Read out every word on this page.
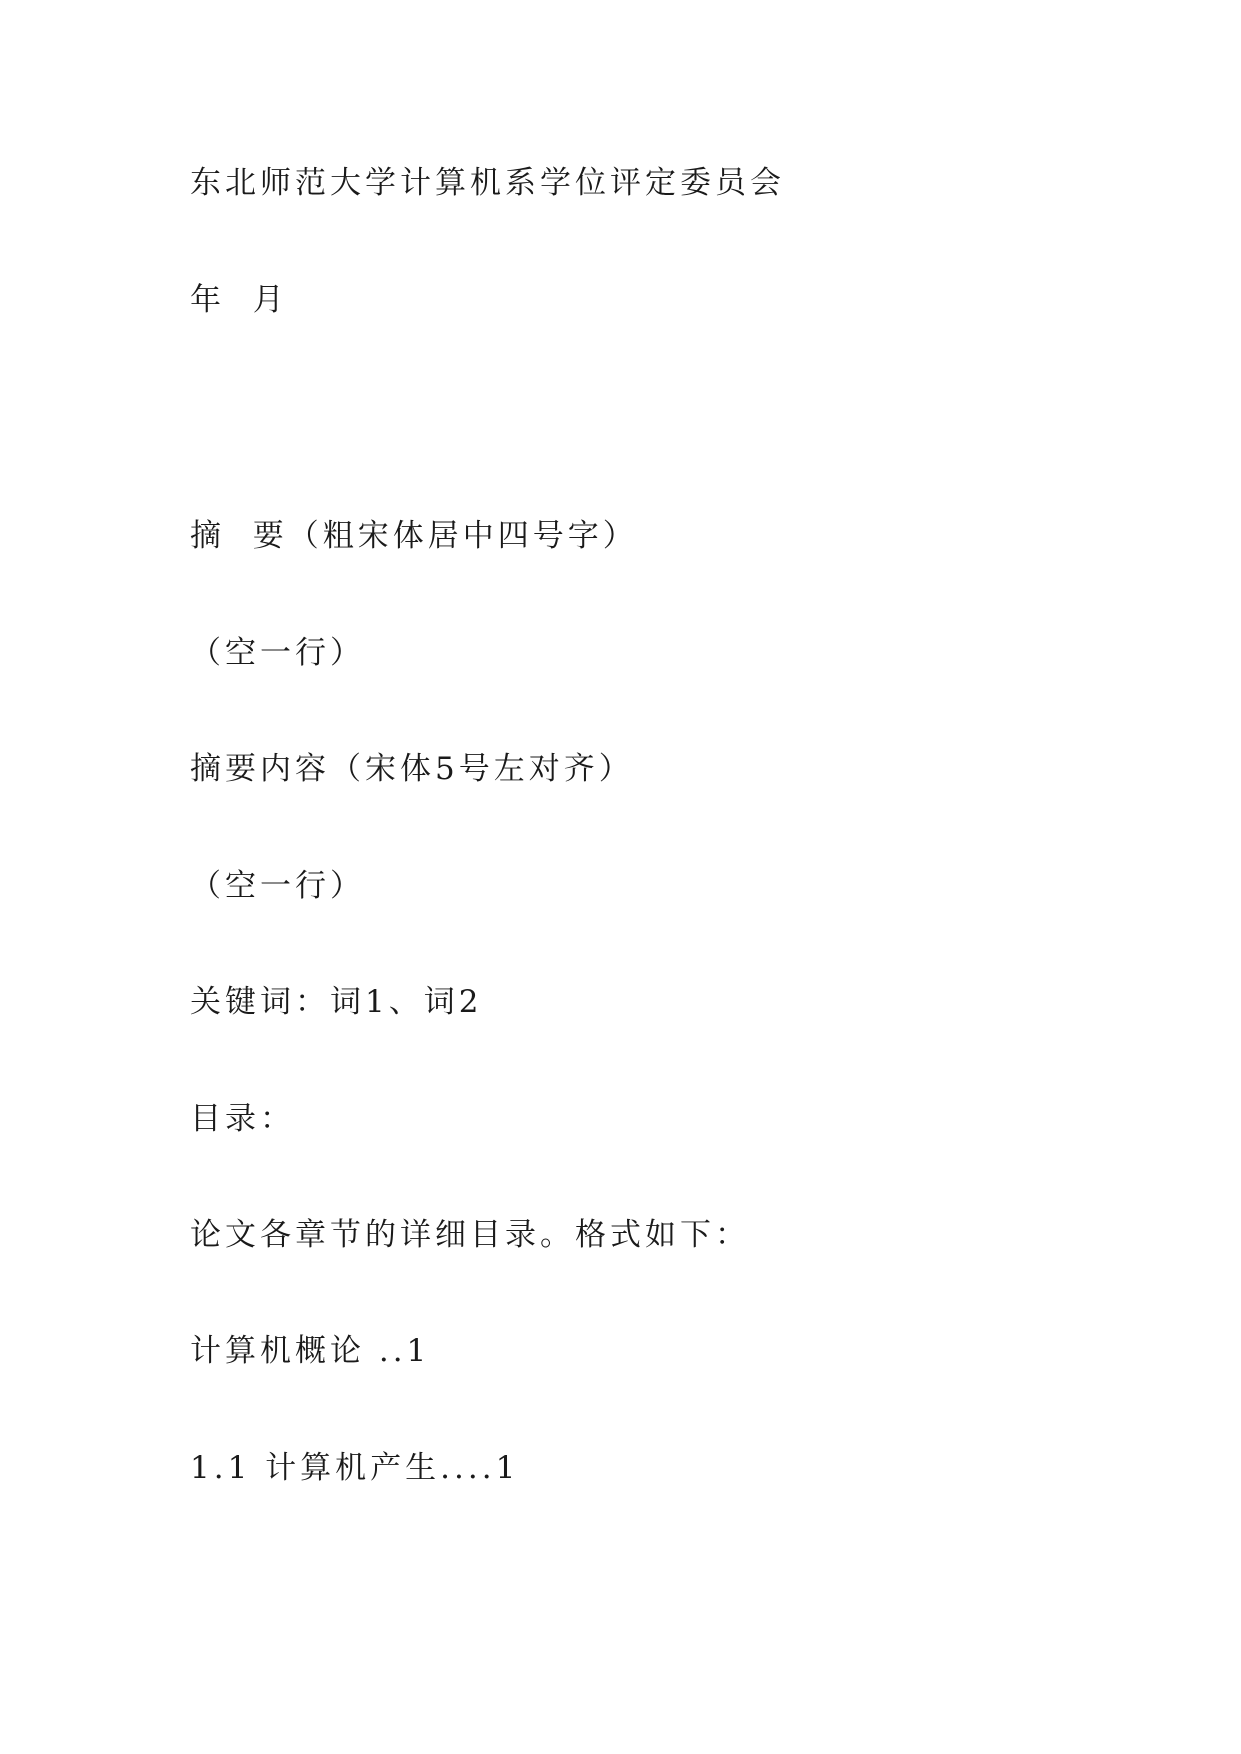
东北师范大学计算机系学位评定委员会
年  月
摘  要（粗宋体居中四号字）
（空一行）
摘要内容（宋体5号左对齐）
（空一行）
关键词：词1、词2
目录：
论文各章节的详细目录。格式如下：
计算机概论 ..1
1.1 计算机产生....1
